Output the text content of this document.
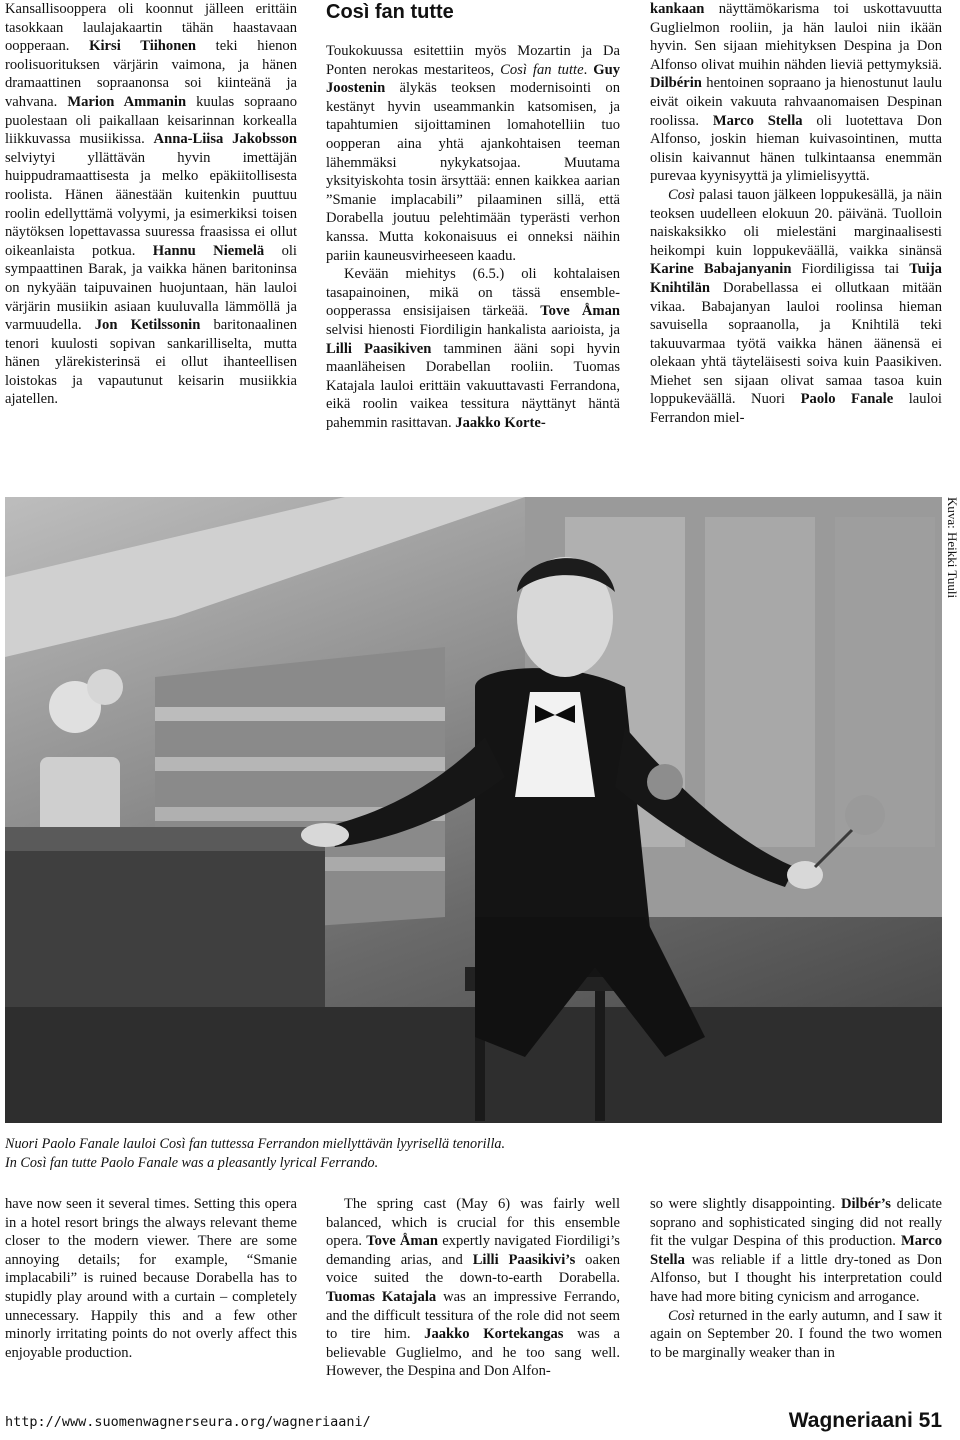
Kansallisoopperа oli koonnut jälleen erittäin tasokkaan laulajakaartin tähän haastavaan oopperaan. Kirsi Tiihonen teki hienon roolisuorituksen värjärin vaimona, ja hänen dramaattinen sopraanonsa soi kiinteänä ja vahvana. Marion Ammanin kuulas sopraano puolestaan oli paikallaan keisarinnan korkealla liikkuvassa musiikissa. Anna-Liisa Jakobsson selviytyi yllättävän hyvin imettäjän huippudramaattisesta ja melko epäkiitollisesta roolista. Hänen äänestään kuitenkin puuttuu roolin edellyttämä volyymi, ja esimerkiksi toisen näytöksen lopettavassa suuressa fraasissa ei ollut oikeanlaista potkua. Hannu Niemelä oli sympaattinen Barak, ja vaikka hänen baritoninsa on nykyään taipuvainen huojuntaan, hän lauloi värjärin musiikin asiaan kuuluvalla lämmöllä ja varmuudella. Jon Ketilssonin baritonaalinen tenori kuulosti sopivan sankarilliselta, mutta hänen ylärekisterinsä ei ollut ihanteellisen loistokas ja vapautunut keisarin musiikkia ajatellen.

Così fan tutte

Toukokuussa esitettiin myös Mozartin ja Da Ponten nerokas mestariteos, Così fan tutte. Guy Joostenin älykäs teoksen modernisointi on kestänyt hyvin useammankin katsomisen, ja tapahtumien sijoittaminen lomahotelliin tuo oopperan aina yhtä ajankohtaisen teeman lähemmäksi nykykatsojaa. Muutama yksityiskohta tosin ärsyttää: ennen kaikkea aarian ”Smanie implacabili” pilaaminen sillä, että Dorabella joutuu pelehtimään typerästi verhon kanssa. Mutta kokonaisuus ei onneksi näihin pariin kauneusvirheeseen kaadu.

Kevään miehitys (6.5.) oli kohtalaisen tasapainoinen, mikä on tässä ensemble-oopperassa ensisijaisen tärkeää. Tove Åman selvisi hienosti Fiordiligin hankalista aarioista, ja Lilli Paasikiven tamminen ääni sopi hyvin maanläheisen Dorabellan rooliin. Tuomas Katajala lauloi erittäin vakuuttavasti Ferrandona, eikä roolin vaikea tessitura näyttänyt häntä pahemmin rasittavan. Jaakko Korte-

kankaan näyttämökarisma toi uskottavuutta Guglielmon rooliin, ja hän lauloi niin ikään hyvin. Sen sijaan miehityksen Despina ja Don Alfonso olivat muihin nähden lieviä pettymyksiä. Dilbérin hentoinen sopraano ja hienostunut laulu eivät oikein vakuuta rahvaanomaisen Despinan roolissa. Marco Stella oli luotettava Don Alfonso, joskin hieman kuivasointinen, mutta olisin kaivannut hänen tulkintaansa enemmän purevaa kyynisyyttä ja ylimielisyyttä.

Così palasi tauon jälkeen loppukesällä, ja näin teoksen uudelleen elokuun 20. päivänä. Tuolloin naiskaksikko oli mielestäni marginaalisesti heikompi kuin loppukeväällä, vaikka sinänsä Karine Babajanyanin Fiordiligissa tai Tuija Knihtilän Dorabellassa ei ollutkaan mitään vikaa. Babajanyan lauloi roolinsa hieman savuisella sopraanolla, ja Knihtilä teki takuuvarmaa työtä vaikka hänen äänensä ei olekaan yhtä täyteläisesti soiva kuin Paasikiven. Miehet sen sijaan olivat samaa tasoa kuin loppukeväällä. Nuori Paolo Fanale lauloi Ferrandon miel-

Kuva: Heikki Tuuli
Nuori Paolo Fanale lauloi Così fan tuttessa Ferrandon miellyttävän lyyrisellä tenorilla.
In Così fan tutte Paolo Fanale was a pleasantly lyrical Ferrando.

have now seen it several times. Setting this opera in a hotel resort brings the always relevant theme closer to the modern viewer. There are some annoying details; for example, “Smanie implacabili” is ruined because Dorabella has to stupidly play around with a curtain – completely unnecessary. Happily this and a few other minorly irritating points do not overly affect this enjoyable production.

The spring cast (May 6) was fairly well balanced, which is crucial for this ensemble opera. Tove Åman expertly navigated Fiordiligi’s demanding arias, and Lilli Paasikivi’s oaken voice suited the down-to-earth Dorabella. Tuomas Katajala was an impressive Ferrando, and the difficult tessitura of the role did not seem to tire him. Jaakko Kortekangas was a believable Guglielmo, and he too sang well. However, the Despina and Don Alfon-

so were slightly disappointing. Dilbér’s delicate soprano and sophisticated singing did not really fit the vulgar Despina of this production. Marco Stella was reliable if a little dry-toned as Don Alfonso, but I thought his interpretation could have had more biting cynicism and arrogance.

Così returned in the early autumn, and I saw it again on September 20. I found the two women to be marginally weaker than in

http://www.suomenwagnerseura.org/wagneriaani/	Wagneriaani 51
